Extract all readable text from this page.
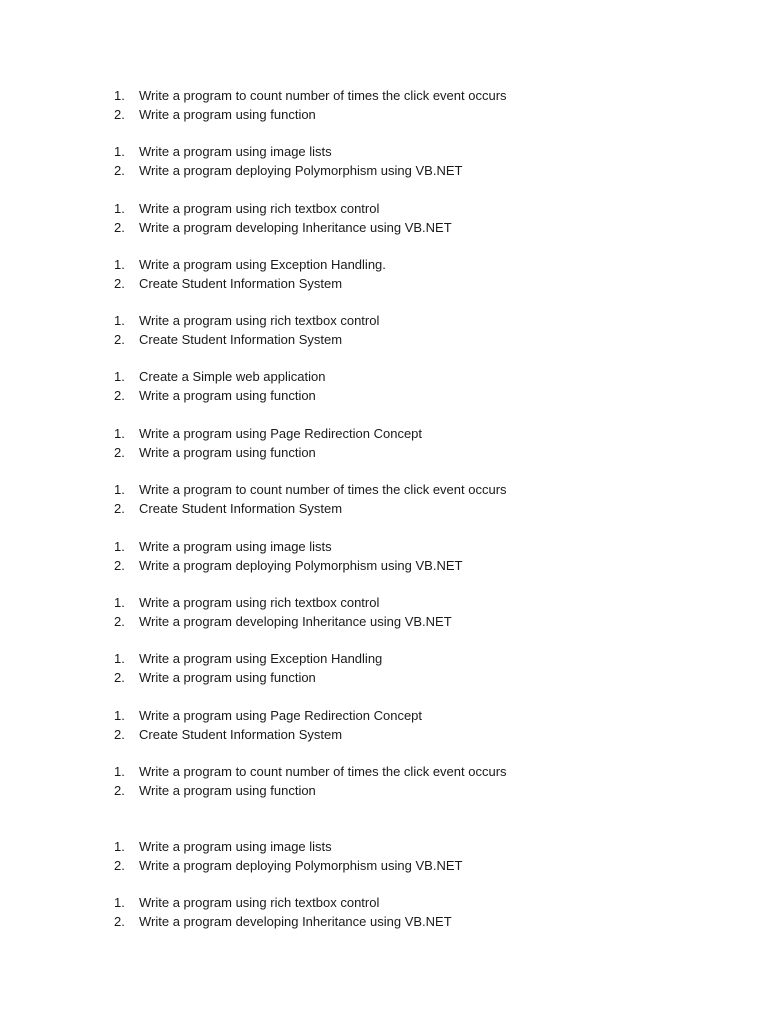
1. Write a program to count number of times the click event occurs
2. Write a program using function
1. Write a program using image lists
2. Write a program deploying Polymorphism using VB.NET
1. Write a program using rich textbox control
2. Write a program developing Inheritance using VB.NET
1. Write a program using Exception Handling.
2. Create Student Information System
1. Write a program using rich textbox control
2. Create Student Information System
1. Create a Simple web application
2. Write a program using function
1. Write a program using Page Redirection Concept
2. Write a program using function
1. Write a program to count number of times the click event occurs
2. Create Student Information System
1. Write a program using image lists
2. Write a program deploying Polymorphism using VB.NET
1. Write a program using rich textbox control
2. Write a program developing Inheritance using VB.NET
1. Write a program using Exception Handling
2. Write a program using function
1. Write a program using Page Redirection Concept
2. Create Student Information System
1. Write a program to count number of times the click event occurs
2. Write a program using function
1. Write a program using image lists
2. Write a program deploying Polymorphism using VB.NET
1. Write a program using rich textbox control
2. Write a program developing Inheritance using VB.NET
